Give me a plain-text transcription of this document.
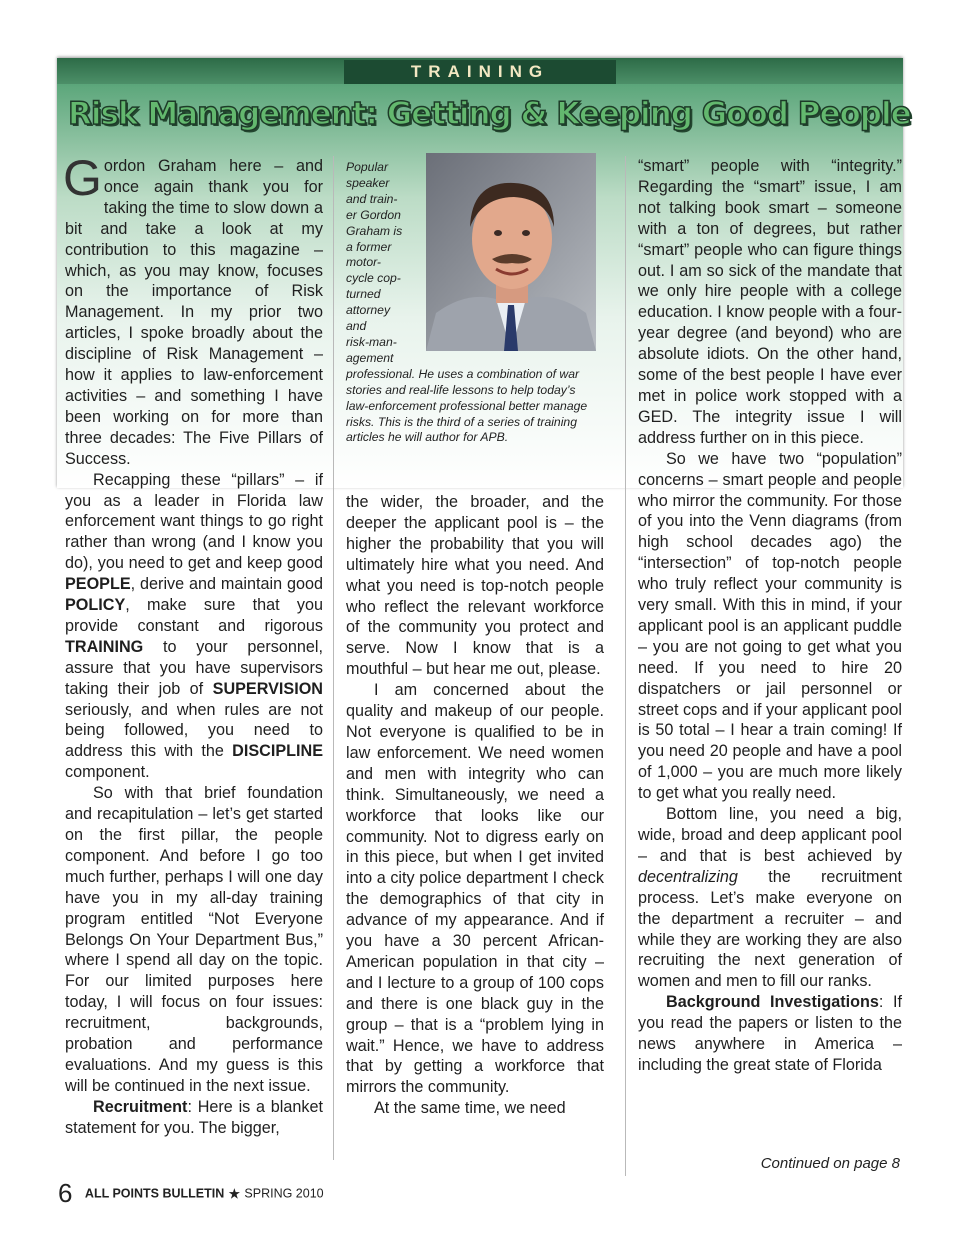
TRAINING
Risk Management: Getting & Keeping Good People

Gordon Graham here – and once again thank you for taking the time to slow down a bit and take a look at my contribution to this magazine – which, as you may know, focuses on the importance of Risk Management. In my prior two articles, I spoke broadly about the discipline of Risk Management – how it applies to law-enforcement activities – and something I have been working on for more than three decades: The Five Pillars of Success.

Recapping these “pillars” – if you as a leader in Florida law enforcement want things to go right rather than wrong (and I know you do), you need to get and keep good PEOPLE, derive and maintain good POLICY, make sure that you provide constant and rigorous TRAINING to your personnel, assure that you have supervisors taking their job of SUPERVISION seriously, and when rules are not being followed, you need to address this with the DISCIPLINE component.

So with that brief foundation and recapitulation – let’s get started on the first pillar, the people component. And before I go too much further, perhaps I will one day have you in my all-day training program entitled “Not Everyone Belongs On Your Department Bus,” where I spend all day on the topic. For our limited purposes here today, I will focus on four issues: recruitment, backgrounds, probation and performance evaluations. And my guess is this will be continued in the next issue.

Recruitment: Here is a blanket statement for you. The bigger,

Popular
speaker
and train-
er Gordon
Graham is
a former
motor-
cycle cop-
turned
attorney
and
risk-man-
agement
professional. He uses a combination of war stories and real-life lessons to help today’s law-enforcement professional better manage risks. This is the third of a series of training articles he will author for APB.

the wider, the broader, and the deeper the applicant pool is – the higher the probability that you will ultimately hire what you need. And what you need is top-notch people who reflect the relevant workforce of the community you protect and serve. Now I know that is a mouthful – but hear me out, please.

I am concerned about the quality and makeup of our people. Not everyone is qualified to be in law enforcement. We need women and men with integrity who can think. Simultaneously, we need a workforce that looks like our community. Not to digress early on in this piece, but when I get invited into a city police department I check the demographics of that city in advance of my appearance. And if you have a 30 percent African-American population in that city – and I lecture to a group of 100 cops and there is one black guy in the group – that is a “problem lying in wait.” Hence, we have to address that by getting a workforce that mirrors the community.

At the same time, we need

“smart” people with “integrity.” Regarding the “smart” issue, I am not talking book smart – someone with a ton of degrees, but rather “smart” people who can figure things out. I am so sick of the mandate that we only hire people with a college education. I know people with a four-year degree (and beyond) who are absolute idiots. On the other hand, some of the best people I have ever met in police work stopped with a GED. The integrity issue I will address further on in this piece.

So we have two “population” concerns – smart people and people who mirror the community. For those of you into the Venn diagrams (from high school decades ago) the “intersection” of top-notch people who truly reflect your community is very small. With this in mind, if your applicant pool is an applicant puddle – you are not going to get what you need. If you need to hire 20 dispatchers or jail personnel or street cops and if your applicant pool is 50 total – I hear a train coming! If you need 20 people and have a pool of 1,000 – you are much more likely to get what you really need.

Bottom line, you need a big, wide, broad and deep applicant pool – and that is best achieved by decentralizing the recruitment process. Let’s make everyone on the department a recruiter – and while they are working they are also recruiting the next generation of women and men to fill our ranks.

Background Investigations: If you read the papers or listen to the news anywhere in America – including the great state of Florida

Continued on page 8
6 ALL POINTS BULLETIN ★ SPRING 2010
